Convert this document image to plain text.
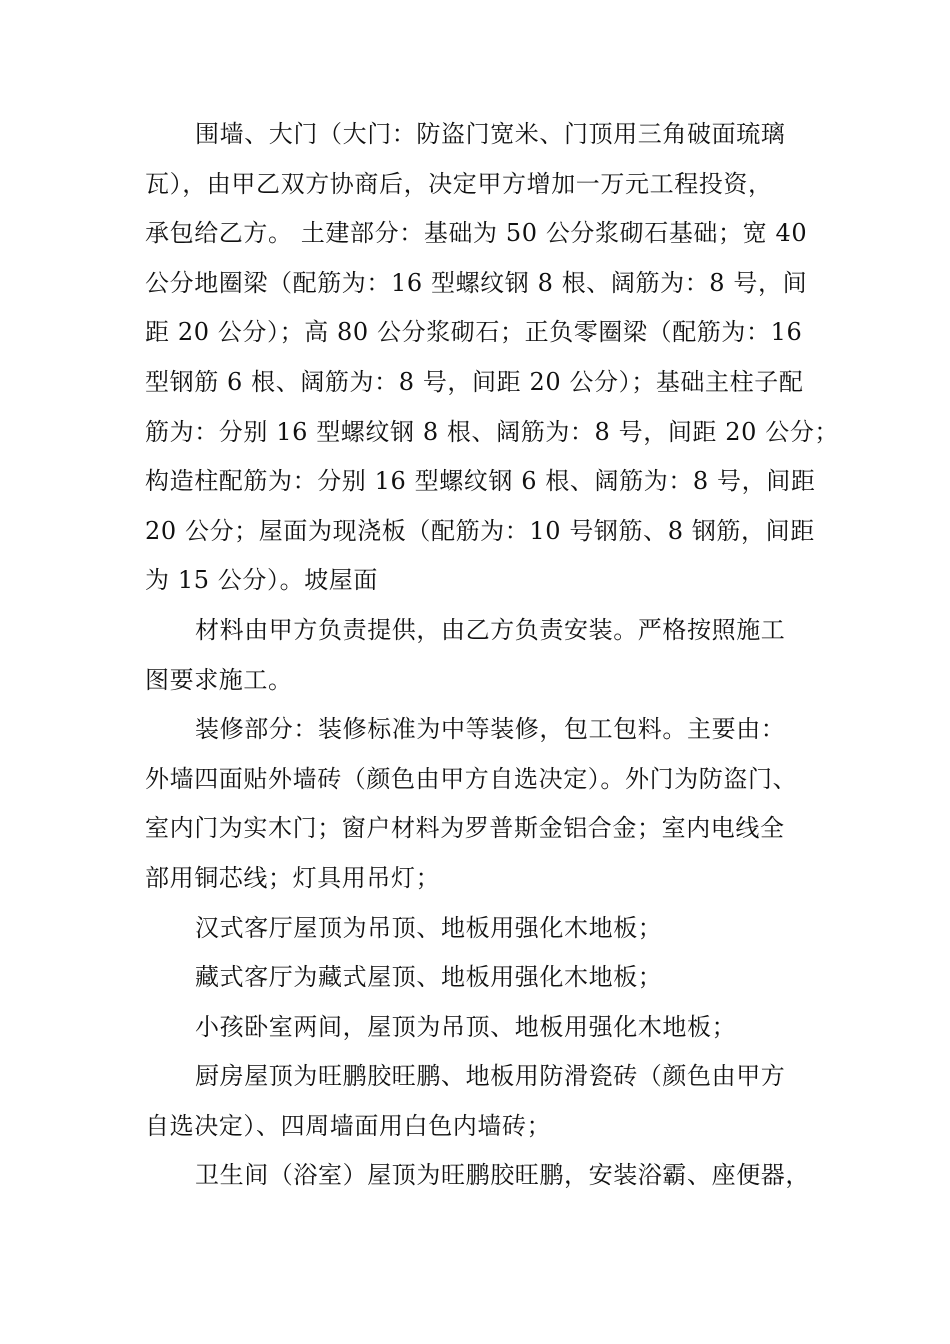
围墙、大门（大门：防盗门宽米、门顶用三角破面琉璃
瓦），由甲乙双方协商后，决定甲方增加一万元工程投资，
承包给乙方。 土建部分：基础为 50 公分浆砌石基础；宽 40
公分地圈梁（配筋为：16 型螺纹钢 8 根、阔筋为：8 号，间
距 20 公分）；高 80 公分浆砌石；正负零圈梁（配筋为：16
型钢筋 6 根、阔筋为：8 号，间距 20 公分）；基础主柱子配
筋为：分别 16 型螺纹钢 8 根、阔筋为：8 号，间距 20 公分；
构造柱配筋为：分别 16 型螺纹钢 6 根、阔筋为：8 号，间距
20 公分；屋面为现浇板（配筋为：10 号钢筋、8 钢筋，间距
为 15 公分）。坡屋面
材料由甲方负责提供，由乙方负责安装。严格按照施工
图要求施工。
装修部分：装修标准为中等装修，包工包料。主要由：
外墙四面贴外墙砖（颜色由甲方自选决定）。外门为防盗门、
室内门为实木门；窗户材料为罗普斯金铝合金；室内电线全
部用铜芯线；灯具用吊灯；
汉式客厅屋顶为吊顶、地板用强化木地板；
藏式客厅为藏式屋顶、地板用强化木地板；
小孩卧室两间，屋顶为吊顶、地板用强化木地板；
厨房屋顶为旺鹏胶旺鹏、地板用防滑瓷砖（颜色由甲方
自选决定）、四周墙面用白色内墙砖；
卫生间（浴室）屋顶为旺鹏胶旺鹏，安装浴霸、座便器，
